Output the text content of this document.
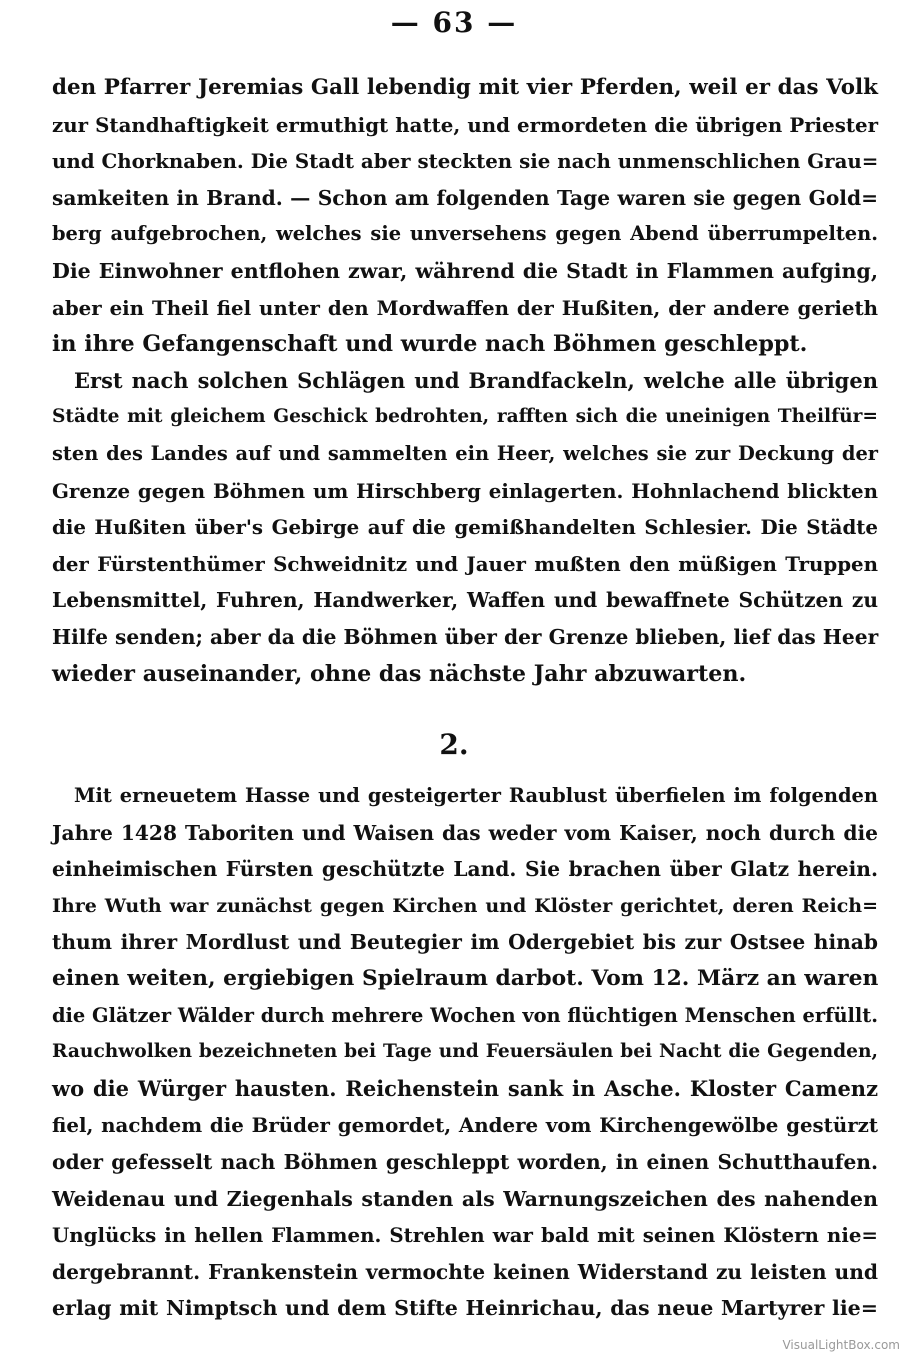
— 63 —
den Pfarrer Jeremias Gall lebendig mit vier Pferden, weil er das Volk
zur Standhaftigkeit ermuthigt hatte, und ermordeten die übrigen Priester
und Chorknaben. Die Stadt aber steckten sie nach unmenschlichen Grau=
samkeiten in Brand. — Schon am folgenden Tage waren sie gegen Gold=
berg aufgebrochen, welches sie unversehens gegen Abend überrumpelten.
Die Einwohner entflohen zwar, während die Stadt in Flammen aufging,
aber ein Theil fiel unter den Mordwaffen der Hußiten, der andere gerieth
in ihre Gefangenschaft und wurde nach Böhmen geschleppt.
Erst nach solchen Schlägen und Brandfackeln, welche alle übrigen
Städte mit gleichem Geschick bedrohten, rafften sich die uneinigen Theilfür=
sten des Landes auf und sammelten ein Heer, welches sie zur Deckung der
Grenze gegen Böhmen um Hirschberg einlagerten. Hohnlachend blickten
die Hußiten über's Gebirge auf die gemißhandelten Schlesier. Die Städte
der Fürstenthümer Schweidnitz und Jauer mußten den müßigen Truppen
Lebensmittel, Fuhren, Handwerker, Waffen und bewaffnete Schützen zu
Hilfe senden; aber da die Böhmen über der Grenze blieben, lief das Heer
wieder auseinander, ohne das nächste Jahr abzuwarten.
2.
Mit erneuetem Hasse und gesteigerter Raublust überfielen im folgenden
Jahre 1428 Taboriten und Waisen das weder vom Kaiser, noch durch die
einheimischen Fürsten geschützte Land. Sie brachen über Glatz herein.
Ihre Wuth war zunächst gegen Kirchen und Klöster gerichtet, deren Reich=
thum ihrer Mordlust und Beutegier im Odergebiet bis zur Ostsee hinab
einen weiten, ergiebigen Spielraum darbot. Vom 12. März an waren
die Glätzer Wälder durch mehrere Wochen von flüchtigen Menschen erfüllt.
Rauchwolken bezeichneten bei Tage und Feuersäulen bei Nacht die Gegenden,
wo die Würger hausten. Reichenstein sank in Asche. Kloster Camenz
fiel, nachdem die Brüder gemordet, Andere vom Kirchengewölbe gestürzt
oder gefesselt nach Böhmen geschleppt worden, in einen Schutthaufen.
Weidenau und Ziegenhals standen als Warnungszeichen des nahenden
Unglücks in hellen Flammen. Strehlen war bald mit seinen Klöstern nie=
dergebrannt. Frankenstein vermochte keinen Widerstand zu leisten und
erlag mit Nimptsch und dem Stifte Heinrichau, das neue Martyrer lie=
VisualLightBox.com
